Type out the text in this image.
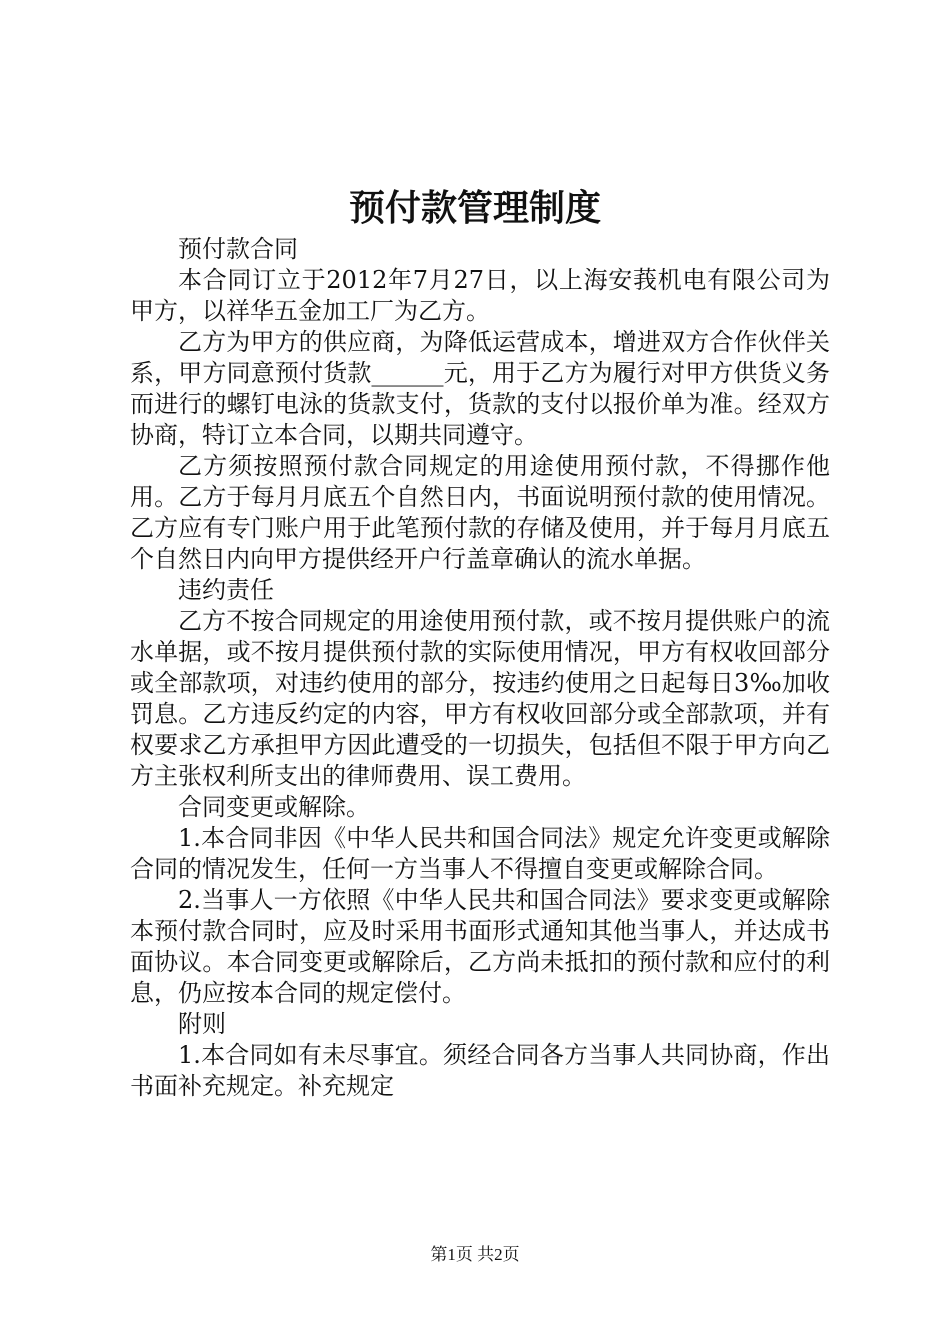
预付款管理制度

预付款合同

本合同订立于2012年7月27日，以上海安莪机电有限公司为甲方，以祥华五金加工厂为乙方。

乙方为甲方的供应商，为降低运营成本，增进双方合作伙伴关系，甲方同意预付货款______元，用于乙方为履行对甲方供货义务而进行的螺钉电泳的货款支付，货款的支付以报价单为准。经双方协商，特订立本合同，以期共同遵守。

乙方须按照预付款合同规定的用途使用预付款，不得挪作他用。乙方于每月月底五个自然日内，书面说明预付款的使用情况。乙方应有专门账户用于此笔预付款的存储及使用，并于每月月底五个自然日内向甲方提供经开户行盖章确认的流水单据。

违约责任

乙方不按合同规定的用途使用预付款，或不按月提供账户的流水单据，或不按月提供预付款的实际使用情况，甲方有权收回部分或全部款项，对违约使用的部分，按违约使用之日起每日3‰加收罚息。乙方违反约定的内容，甲方有权收回部分或全部款项，并有权要求乙方承担甲方因此遭受的一切损失，包括但不限于甲方向乙方主张权利所支出的律师费用、误工费用。

合同变更或解除。

1.本合同非因《中华人民共和国合同法》规定允许变更或解除合同的情况发生，任何一方当事人不得擅自变更或解除合同。

2.当事人一方依照《中华人民共和国合同法》要求变更或解除本预付款合同时，应及时采用书面形式通知其他当事人，并达成书面协议。本合同变更或解除后，乙方尚未抵扣的预付款和应付的利息，仍应按本合同的规定偿付。

附则

1.本合同如有未尽事宜。须经合同各方当事人共同协商，作出书面补充规定。补充规定

第1页 共2页
